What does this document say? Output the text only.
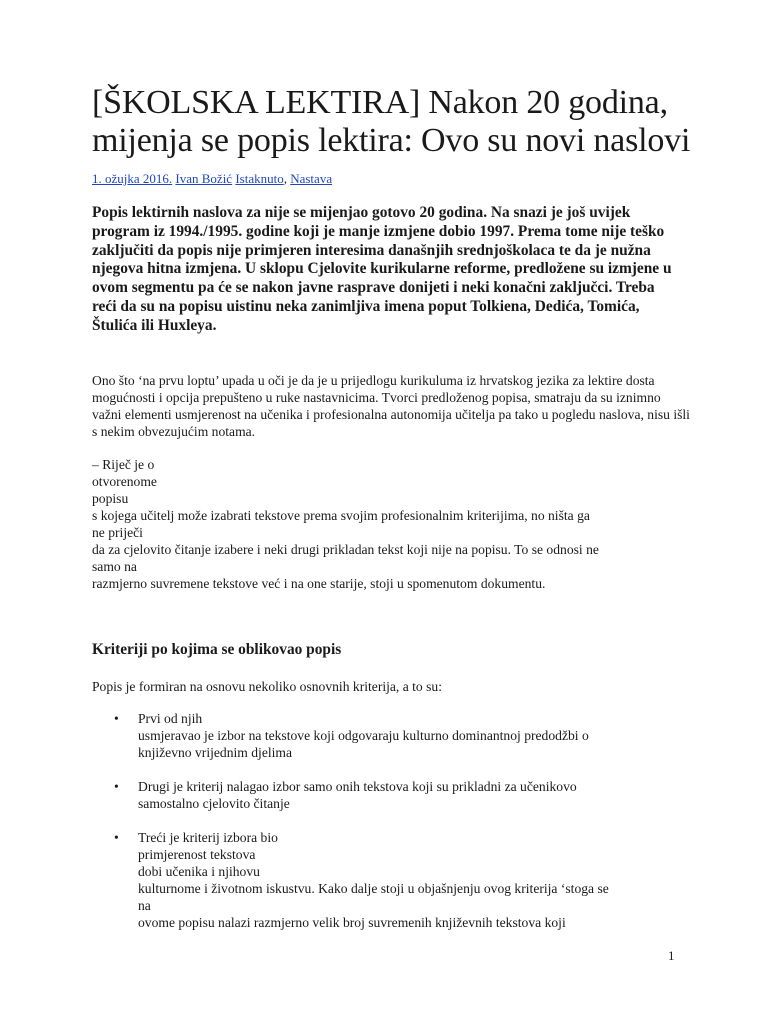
[ŠKOLSKA LEKTIRA] Nakon 20 godina, mijenja se popis lektira: Ovo su novi naslovi
1. ožujka 2016. Ivan Božić Istaknuto, Nastava

Popis lektirnih naslova za nije se mijenjao gotovo 20 godina. Na snazi je još uvijek program iz 1994./1995. godine koji je manje izmjene dobio 1997. Prema tome nije teško zaključiti da popis nije primjeren interesima današnjih srednjoškolaca te da je nužna njegova hitna izmjena. U sklopu Cjelovite kurikularne reforme, predložene su izmjene u ovom segmentu pa će se nakon javne rasprave donijeti i neki konačni zaključci. Treba reći da su na popisu uistinu neka zanimljiva imena poput Tolkiena, Dedića, Tomića, Štulića ili Huxleya.

Ono što ‘na prvu loptu’ upada u oči je da je u prijedlogu kurikuluma iz hrvatskog jezika za lektire dosta mogućnosti i opcija prepušteno u ruke nastavnicima. Tvorci predloženog popisa, smatraju da su iznimno važni elementi usmjerenost na učenika i profesionalna autonomija učitelja pa tako u pogledu naslova, nisu išli s nekim obvezujućim notama.

– Riječ je o
otvorenome
popisu
s kojega učitelj može izabrati tekstove prema svojim profesionalnim kriterijima, no ništa ga
ne priječi
da za cjelovito čitanje izabere i neki drugi prikladan tekst koji nije na popisu. To se odnosi ne
samo na
razmjerno suvremene tekstove već i na one starije, stoji u spomenutom dokumentu.
Kriteriji po kojima se oblikovao popis

Popis je formiran na osnovu nekoliko osnovnih kriterija, a to su:

• Prvi od njih
usmjeravao je izbor na tekstove koji odgovaraju kulturno dominantnoj predodžbi o
književno vrijednim djelima
• Drugi je kriterij nalagao izbor samo onih tekstova koji su prikladni za učenikovo
samostalno cjelovito čitanje
• Treći je kriterij izbora bio
primjerenost tekstova
dobi učenika i njihovu
kulturnome i životnom iskustvu. Kako dalje stoji u objašnjenju ovog kriterija ‘stoga se
na
ovome popisu nalazi razmjerno velik broj suvremenih književnih tekstova koji
1
